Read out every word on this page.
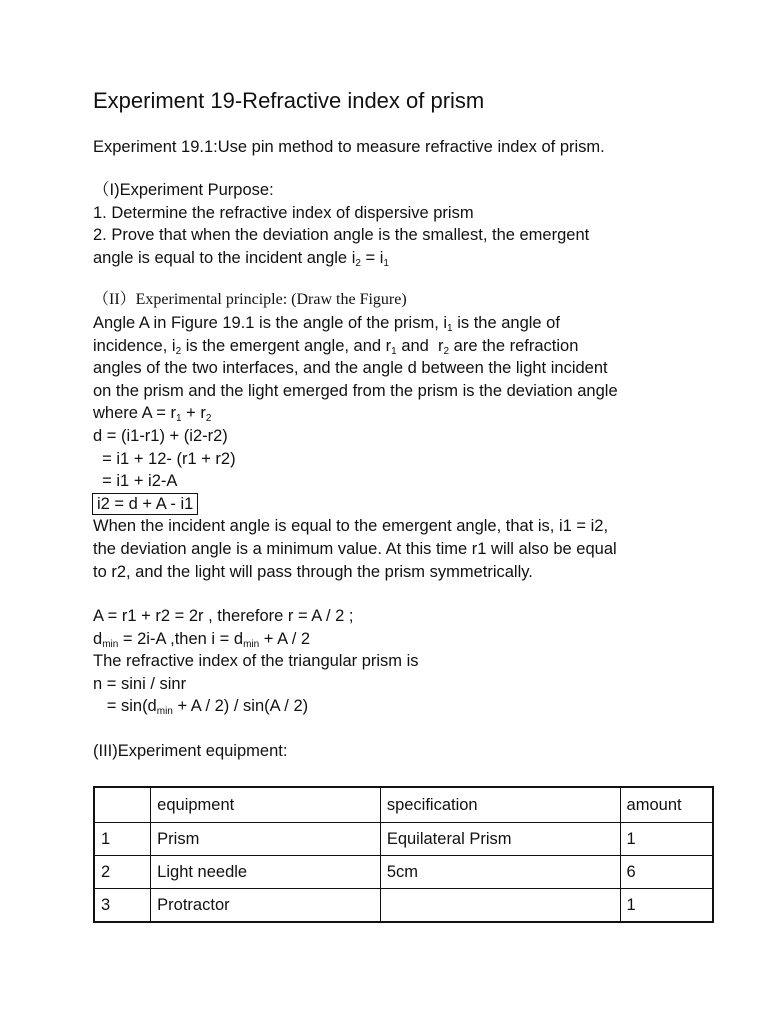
Experiment 19-Refractive index of prism
Experiment 19.1:Use pin method to measure refractive index of prism.
（I)Experiment Purpose:
1. Determine the refractive index of dispersive prism
2. Prove that when the deviation angle is the smallest, the emergent
angle is equal to the incident angle $i_2 = i_1$
（II）Experimental principle: (Draw the Figure)
Angle A in Figure 19.1 is the angle of the prism, $i_1$ is the angle of
incidence, $i_2$ is the emergent angle, and $r_1$ and  $r_2$ are the refraction
angles of the two interfaces, and the angle d between the light incident
on the prism and the light emerged from the prism is the deviation angle
where $A = r_1 + r_2$
d = (i1-r1) + (i2-r2)
= i1 + 12- (r1 + r2)
= i1 + i2-A
i2 = d + A - i1
When the incident angle is equal to the emergent angle, that is, i1 = i2,
the deviation angle is a minimum value. At this time r1 will also be equal
to r2, and the light will pass through the prism symmetrically.
A = r1 + r2 = 2r , therefore r = A / 2 ;
$d_{min} = 2i-A$ ,then $i = d_{min} + A / 2$
The refractive index of the triangular prism is
n = sini / sinr
= $\sin(d_{min} + A / 2) / \sin(A / 2)$
(III)Experiment equipment:
	equipment	specification	amount
1	Prism	Equilateral Prism	1
2	Light needle	5cm	6
3	Protractor		1
